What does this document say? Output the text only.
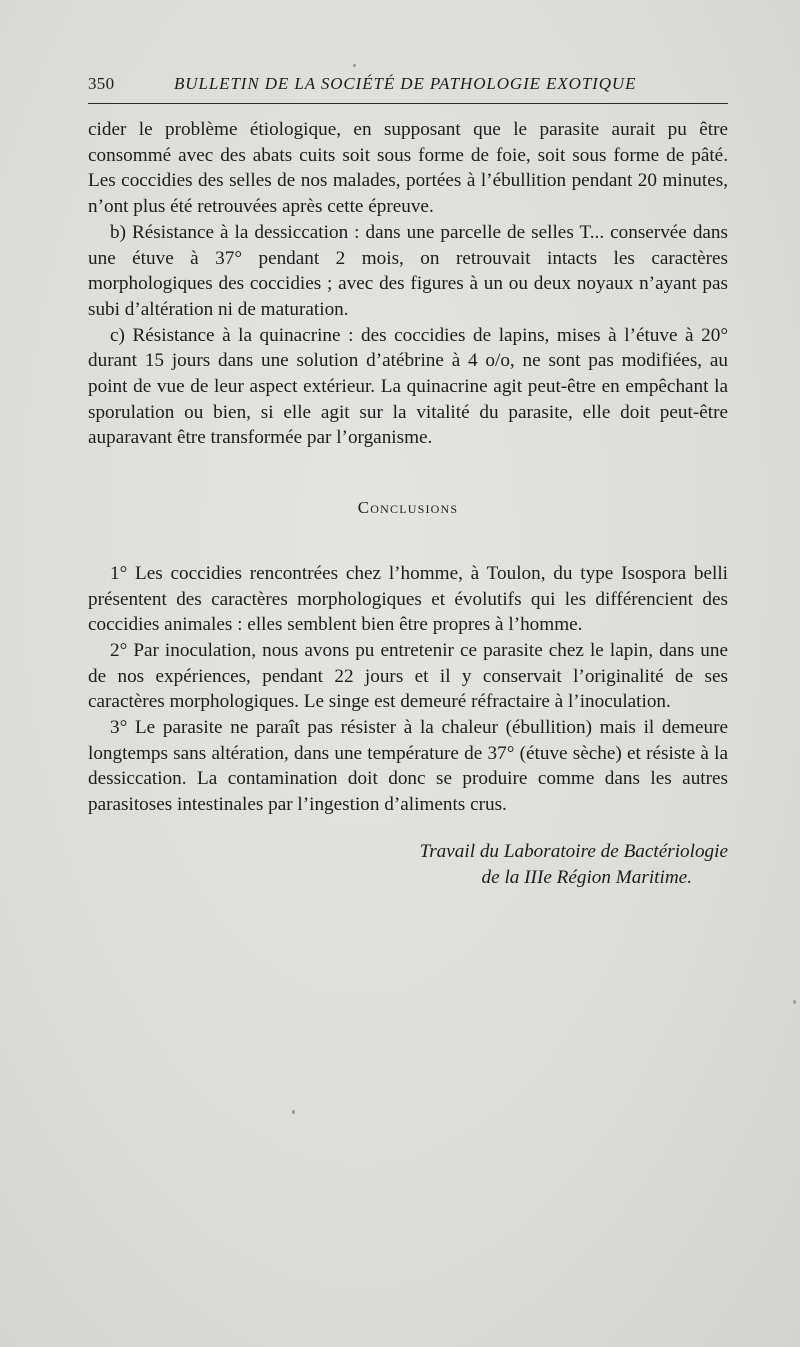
350	BULLETIN DE LA SOCIÉTÉ DE PATHOLOGIE EXOTIQUE

cider le problème étiologique, en supposant que le parasite aurait pu être consommé avec des abats cuits soit sous forme de foie, soit sous forme de pâté. Les coccidies des selles de nos malades, portées à l’ébullition pendant 20 minutes, n’ont plus été retrouvées après cette épreuve.

b) Résistance à la dessiccation : dans une parcelle de selles T... conservée dans une étuve à 37° pendant 2 mois, on retrouvait intacts les caractères morphologiques des coccidies ; avec des figures à un ou deux noyaux n’ayant pas subi d’altération ni de maturation.

c) Résistance à la quinacrine : des coccidies de lapins, mises à l’étuve à 20° durant 15 jours dans une solution d’atébrine à 4 o/o, ne sont pas modifiées, au point de vue de leur aspect extérieur. La quinacrine agit peut-être en empêchant la sporulation ou bien, si elle agit sur la vitalité du parasite, elle doit peut-être auparavant être transformée par l’organisme.

Conclusions

1° Les coccidies rencontrées chez l’homme, à Toulon, du type Isospora belli présentent des caractères morphologiques et évolutifs qui les différencient des coccidies animales : elles semblent bien être propres à l’homme.

2° Par inoculation, nous avons pu entretenir ce parasite chez le lapin, dans une de nos expériences, pendant 22 jours et il y conservait l’originalité de ses caractères morphologiques. Le singe est demeuré réfractaire à l’inoculation.

3° Le parasite ne paraît pas résister à la chaleur (ébullition) mais il demeure longtemps sans altération, dans une température de 37° (étuve sèche) et résiste à la dessiccation. La contamination doit donc se produire comme dans les autres parasitoses intestinales par l’ingestion d’aliments crus.

Travail du Laboratoire de Bactériologie

de la IIIe Région Maritime.
